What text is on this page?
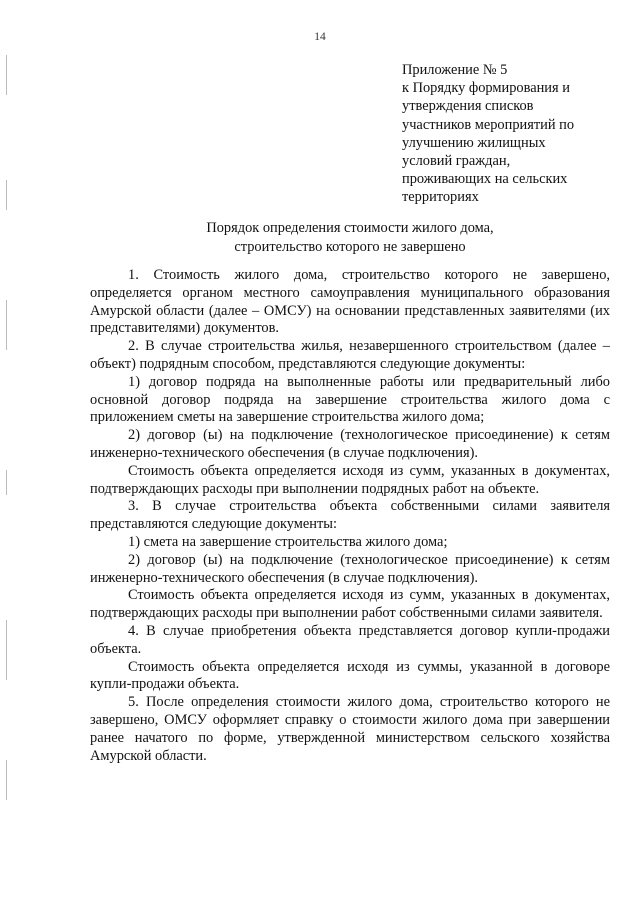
14
Приложение № 5
к Порядку формирования и
утверждения списков
участников мероприятий по
улучшению жилищных
условий граждан,
проживающих на сельских
территориях
Порядок определения стоимости жилого дома,
строительство которого не завершено

1. Стоимость жилого дома, строительство которого не завершено, определяется органом местного самоуправления муниципального образования Амурской области (далее – ОМСУ) на основании представленных заявителями (их представителями) документов.

2. В случае строительства жилья, незавершенного строительством (далее – объект) подрядным способом, представляются следующие документы:

1) договор подряда на выполненные работы или предварительный либо основной договор подряда на завершение строительства жилого дома с приложением сметы на завершение строительства жилого дома;

2) договор (ы) на подключение (технологическое присоединение) к сетям инженерно-технического обеспечения (в случае подключения).

Стоимость объекта определяется исходя из сумм, указанных в документах, подтверждающих расходы при выполнении подрядных работ на объекте.

3. В случае строительства объекта собственными силами заявителя представляются следующие документы:

1) смета на завершение строительства жилого дома;

2) договор (ы) на подключение (технологическое присоединение) к сетям инженерно-технического обеспечения (в случае подключения).

Стоимость объекта определяется исходя из сумм, указанных в документах, подтверждающих расходы при выполнении работ собственными силами заявителя.

4. В случае приобретения объекта представляется договор купли-продажи объекта.

Стоимость объекта определяется исходя из суммы, указанной в договоре купли-продажи объекта.

5. После определения стоимости жилого дома, строительство которого не завершено, ОМСУ оформляет справку о стоимости жилого дома при завершении ранее начатого по форме, утвержденной министерством сельского хозяйства Амурской области.
